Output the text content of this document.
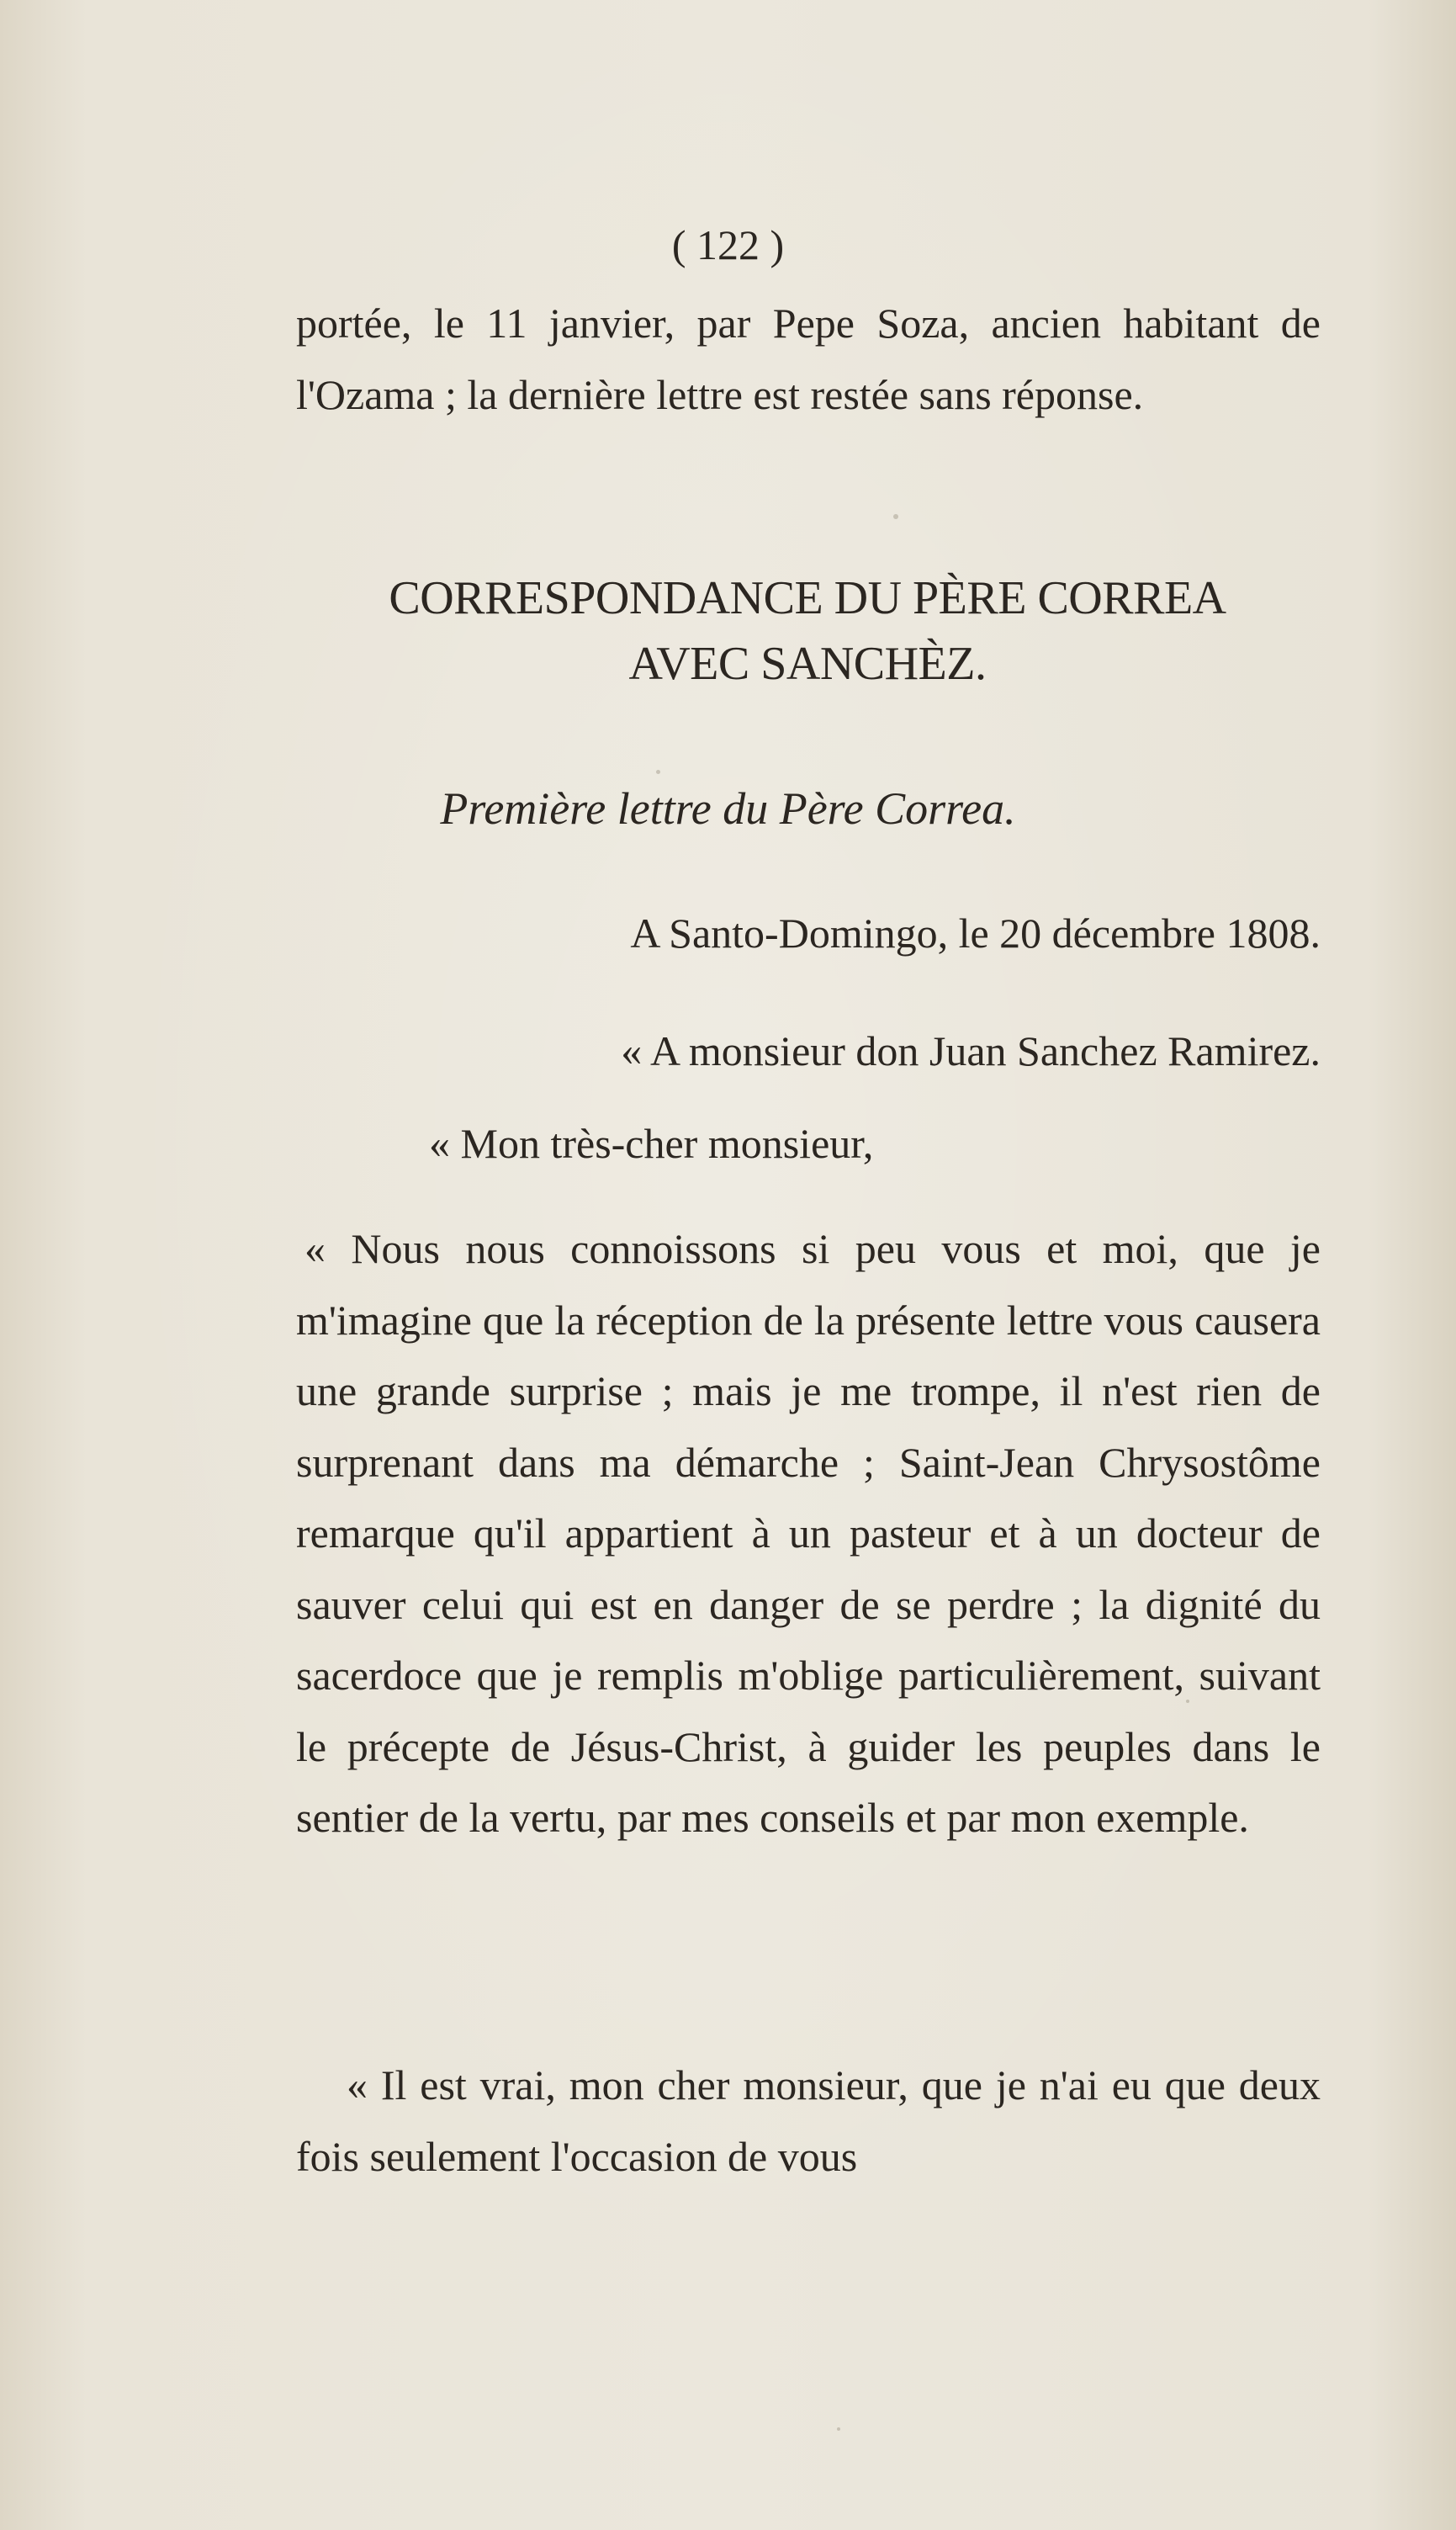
( 122 )
portée, le 11 janvier, par Pepe Soza, ancien habitant de l'Ozama ; la dernière lettre est restée sans réponse.
CORRESPONDANCE DU PÈRE CORREA
AVEC SANCHÈZ.
Première lettre du Père Correa.
A Santo-Domingo, le 20 décembre 1808.
« A monsieur don Juan Sanchez Ramirez.
« Mon très-cher monsieur,
« Nous nous connoissons si peu vous et moi, que je m'imagine que la réception de la présente lettre vous causera une grande surprise ; mais je me trompe, il n'est rien de surprenant dans ma démarche ; Saint-Jean Chrysostôme remarque qu'il appartient à un pasteur et à un docteur de sauver celui qui est en danger de se perdre ; la dignité du sacerdoce que je remplis m'oblige particulièrement, suivant le précepte de Jésus-Christ, à guider les peuples dans le sentier de la vertu, par mes conseils et par mon exemple.
« Il est vrai, mon cher monsieur, que je n'ai eu que deux fois seulement l'occasion de vous
